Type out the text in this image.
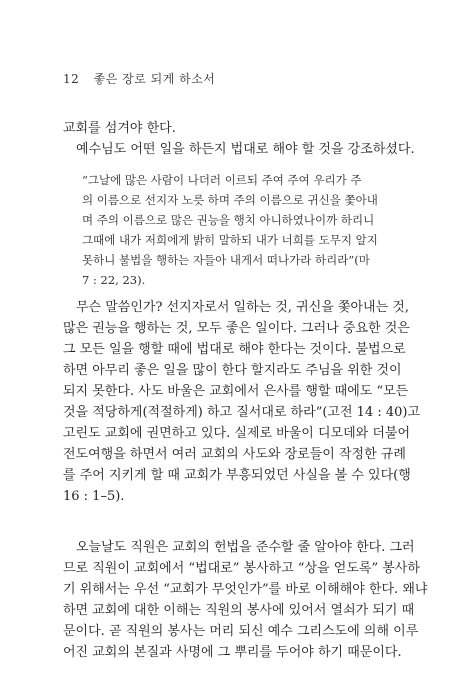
12 좋은 장로 되게 하소서

교회를 섬겨야 한다.
　예수님도 어떤 일을 하든지 법대로 해야 할 것을 강조하셨다.

“그날에 많은 사람이 나더러 이르되 주여 주여 우리가 주
의 이름으로 선지자 노릇 하며 주의 이름으로 귀신을 쫓아내
며 주의 이름으로 많은 권능을 행치 아니하였나이까 하리니
그때에 내가 저희에게 밝히 말하되 내가 너희를 도무지 알지
못하니 불법을 행하는 자들아 내게서 떠나가라 하리라”(마
7 : 22, 23).

　무슨 말씀인가? 선지자로서 일하는 것, 귀신을 쫓아내는 것,
많은 권능을 행하는 것, 모두 좋은 일이다. 그러나 중요한 것은
그 모든 일을 행할 때에 법대로 해야 한다는 것이다. 불법으로
하면 아무리 좋은 일을 많이 한다 할지라도 주님을 위한 것이
되지 못한다. 사도 바울은 교회에서 은사를 행할 때에도 “모든
것을 적당하게(적절하게) 하고 질서대로 하라”(고전 14 : 40)고
고린도 교회에 권면하고 있다. 실제로 바울이 디모데와 더불어
전도여행을 하면서 여러 교회의 사도와 장로들이 작정한 규례
를 주어 지키게 할 때 교회가 부흥되었던 사실을 볼 수 있다(행
16 : 1–5).

　오늘날도 직원은 교회의 헌법을 준수할 줄 알아야 한다. 그러
므로 직원이 교회에서 “법대로” 봉사하고 “상을 얻도록” 봉사하
기 위해서는 우선 “교회가 무엇인가”를 바로 이해해야 한다. 왜냐
하면 교회에 대한 이해는 직원의 봉사에 있어서 열쇠가 되기 때
문이다. 곧 직원의 봉사는 머리 되신 예수 그리스도에 의해 이루
어진 교회의 본질과 사명에 그 뿌리를 두어야 하기 때문이다.
